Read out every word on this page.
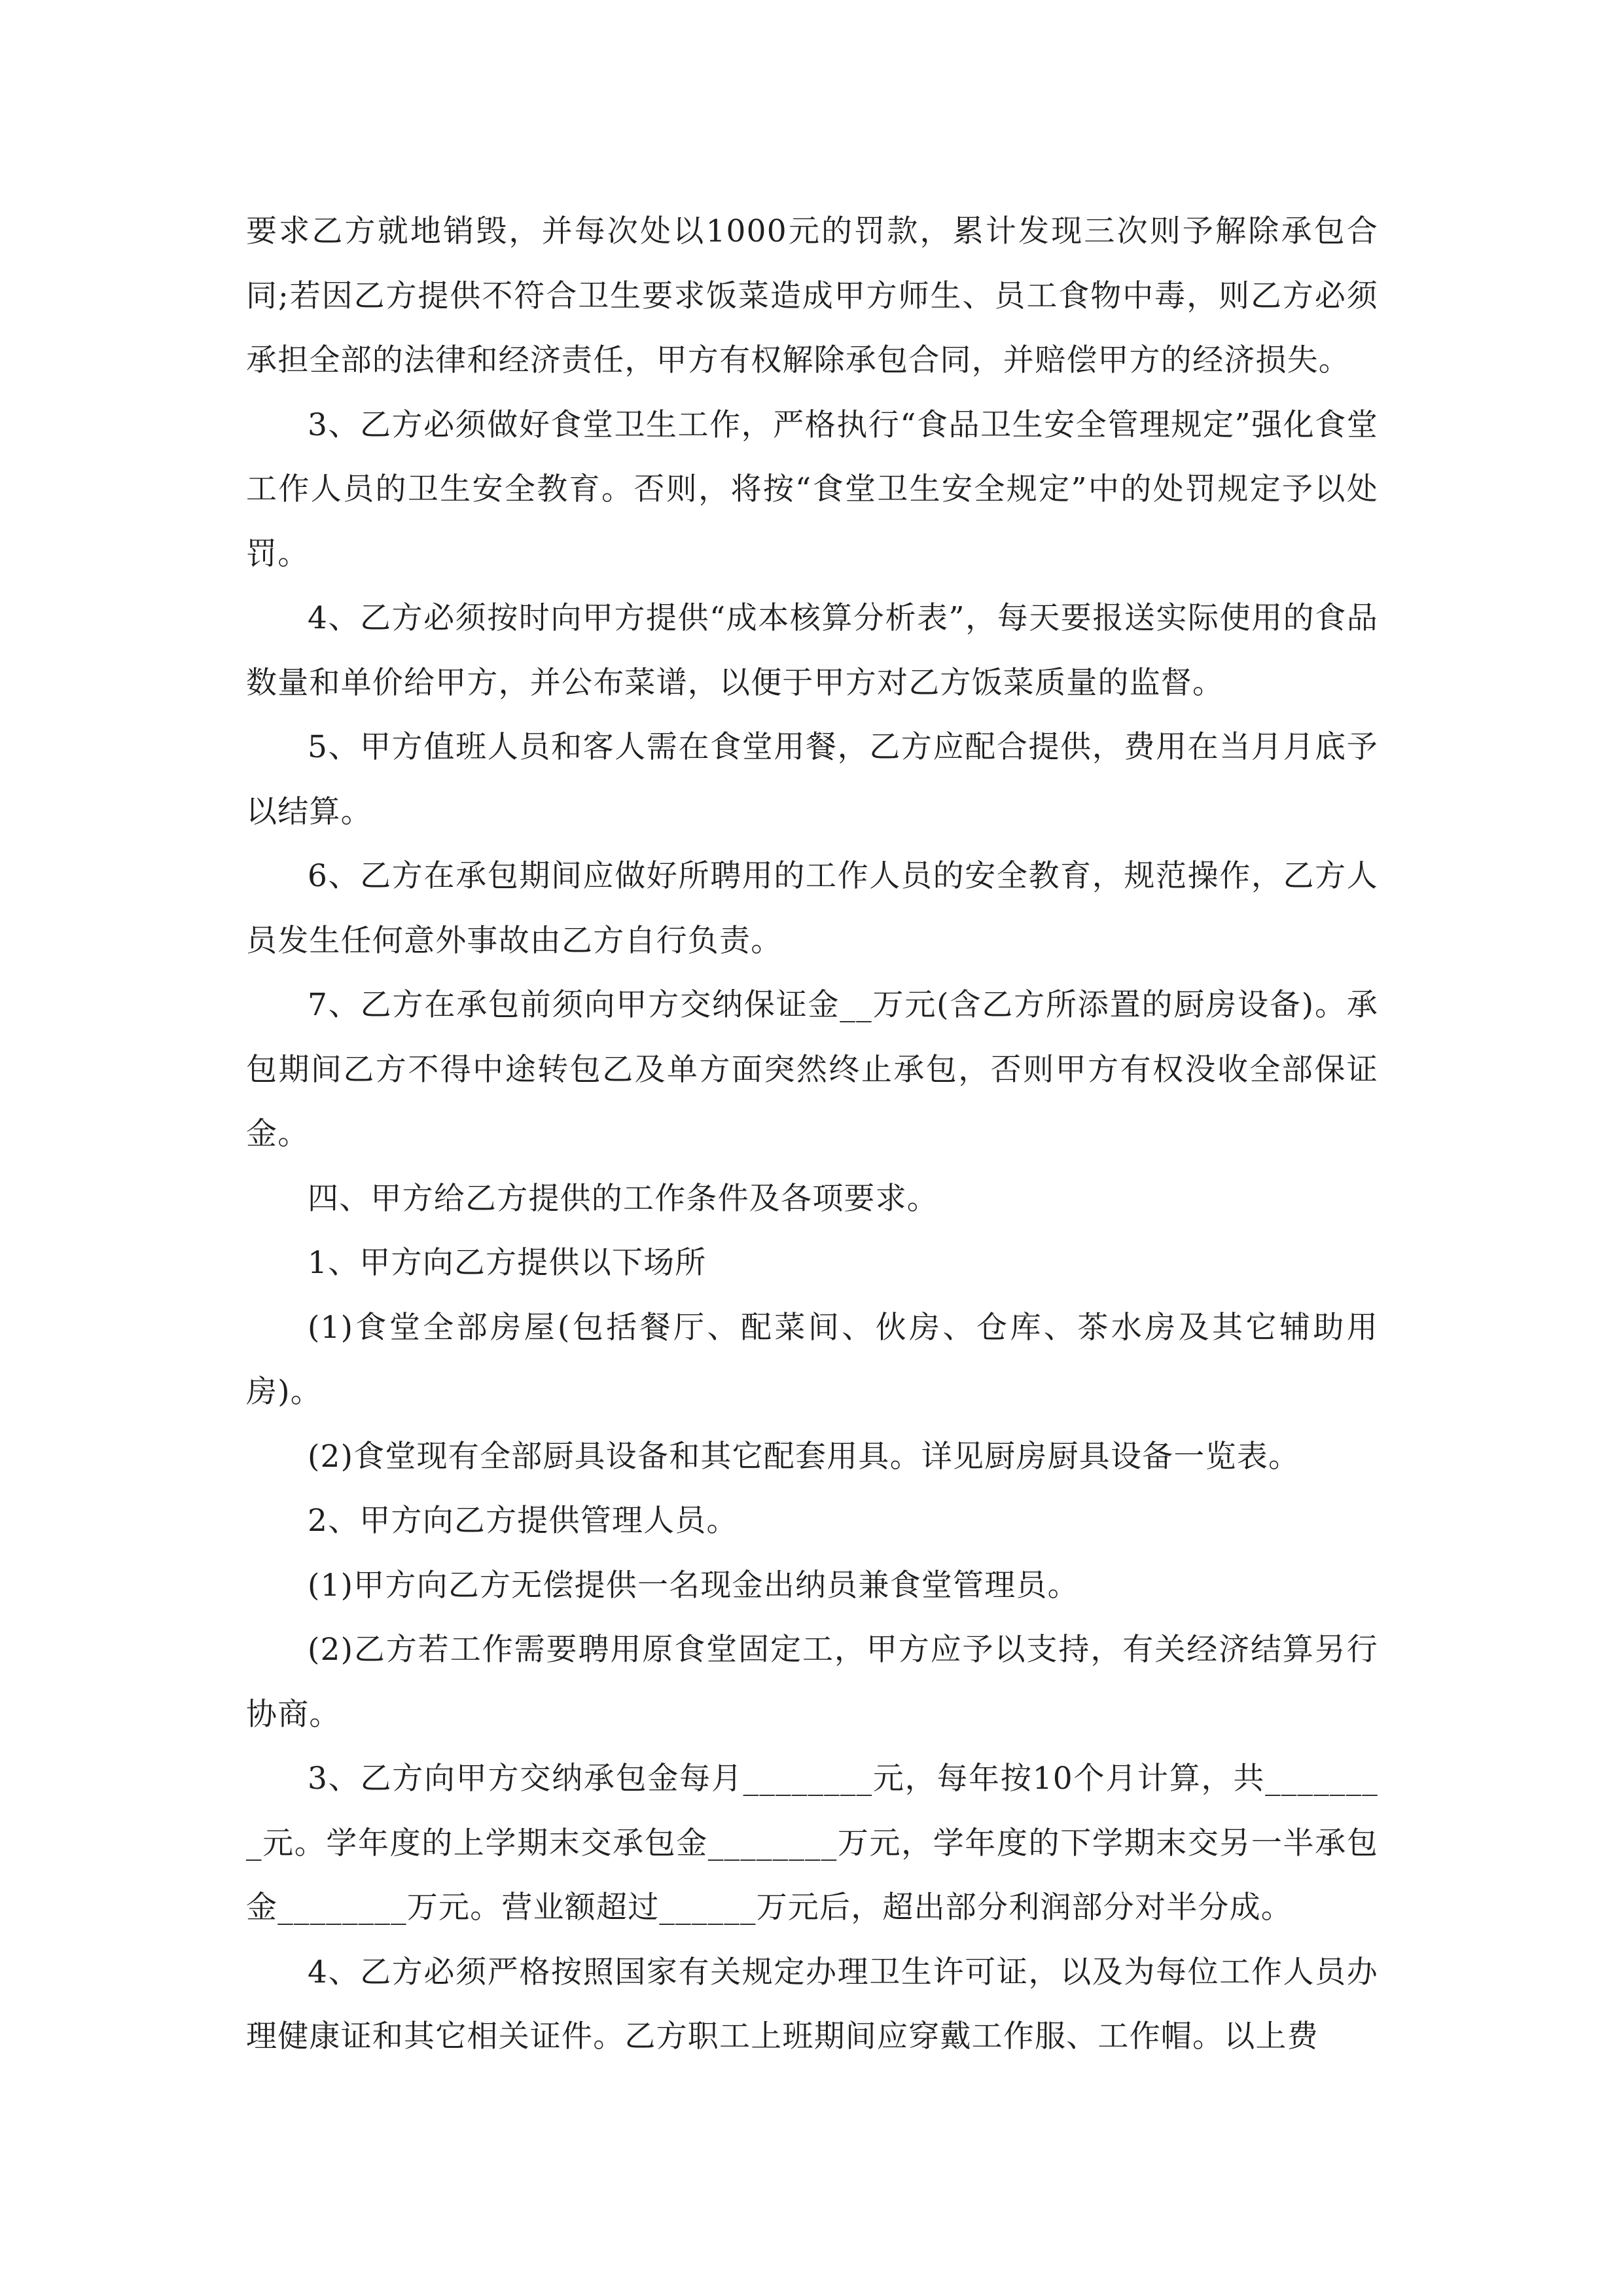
要求乙方就地销毁，并每次处以1000元的罚款，累计发现三次则予解除承包合同;若因乙方提供不符合卫生要求饭菜造成甲方师生、员工食物中毒，则乙方必须承担全部的法律和经济责任，甲方有权解除承包合同，并赔偿甲方的经济损失。

3、乙方必须做好食堂卫生工作，严格执行“食品卫生安全管理规定”强化食堂工作人员的卫生安全教育。否则，将按“食堂卫生安全规定”中的处罚规定予以处罚。

4、乙方必须按时向甲方提供“成本核算分析表”，每天要报送实际使用的食品数量和单价给甲方，并公布菜谱，以便于甲方对乙方饭菜质量的监督。

5、甲方值班人员和客人需在食堂用餐，乙方应配合提供，费用在当月月底予以结算。

6、乙方在承包期间应做好所聘用的工作人员的安全教育，规范操作，乙方人员发生任何意外事故由乙方自行负责。

7、乙方在承包前须向甲方交纳保证金__万元(含乙方所添置的厨房设备)。承包期间乙方不得中途转包乙及单方面突然终止承包，否则甲方有权没收全部保证金。

四、甲方给乙方提供的工作条件及各项要求。

1、甲方向乙方提供以下场所

(1)食堂全部房屋(包括餐厅、配菜间、伙房、仓库、茶水房及其它辅助用房)。

(2)食堂现有全部厨具设备和其它配套用具。详见厨房厨具设备一览表。

2、甲方向乙方提供管理人员。

(1)甲方向乙方无偿提供一名现金出纳员兼食堂管理员。

(2)乙方若工作需要聘用原食堂固定工，甲方应予以支持，有关经济结算另行协商。

3、乙方向甲方交纳承包金每月________元，每年按10个月计算，共________元。学年度的上学期末交承包金________万元，学年度的下学期末交另一半承包金________万元。营业额超过______万元后，超出部分利润部分对半分成。

4、乙方必须严格按照国家有关规定办理卫生许可证，以及为每位工作人员办理健康证和其它相关证件。乙方职工上班期间应穿戴工作服、工作帽。以上费
